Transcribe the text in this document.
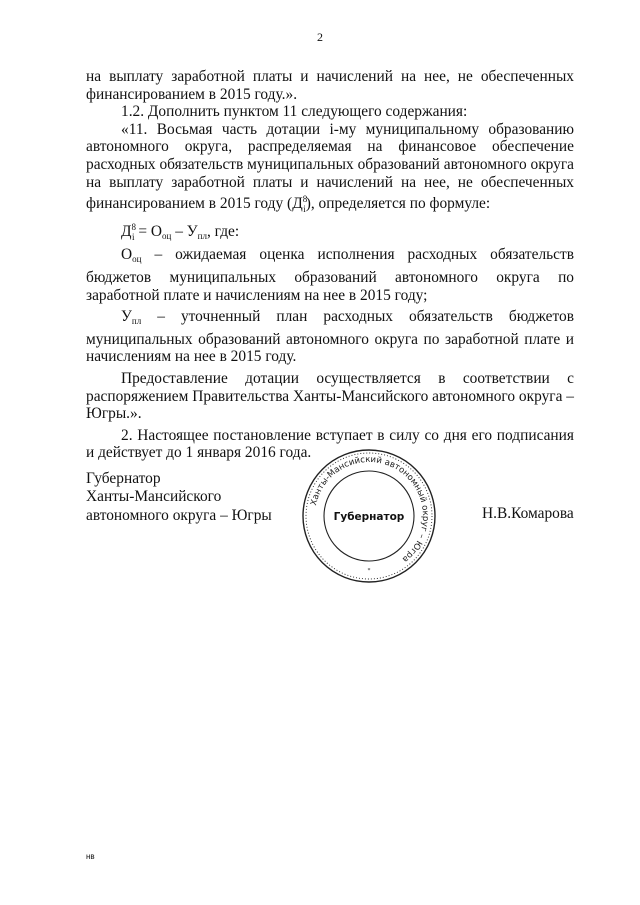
2

на выплату заработной платы и начислений на нее, не обеспеченных финансированием в 2015 году.».

1.2. Дополнить пунктом 11 следующего содержания:

«11. Восьмая часть дотации i-му муниципальному образованию автономного округа, распределяемая на финансовое обеспечение расходных обязательств муниципальных образований автономного округа на выплату заработной платы и начислений на нее, не обеспеченных финансированием в 2015 году $(Д^8_i)$, определяется по формуле:

$Д^8_i = О_{оц} - У_{пл}$, где:

$О_{оц}$ – ожидаемая оценка исполнения расходных обязательств бюджетов муниципальных образований автономного округа по заработной плате и начислениям на нее в 2015 году;

$У_{пл}$ – уточненный план расходных обязательств бюджетов муниципальных образований автономного округа по заработной плате и начислениям на нее в 2015 году.

Предоставление дотации осуществляется в соответствии с распоряжением Правительства Ханты-Мансийского автономного округа – Югры.».

2. Настоящее постановление вступает в силу со дня его подписания и действует до 1 января 2016 года.

Губернатор
Ханты-Мансийского
автономного округа – Югры
Ханты-Мансийский автономный округ – Югра
Губернатор
*
Н.В.Комарова
нв
